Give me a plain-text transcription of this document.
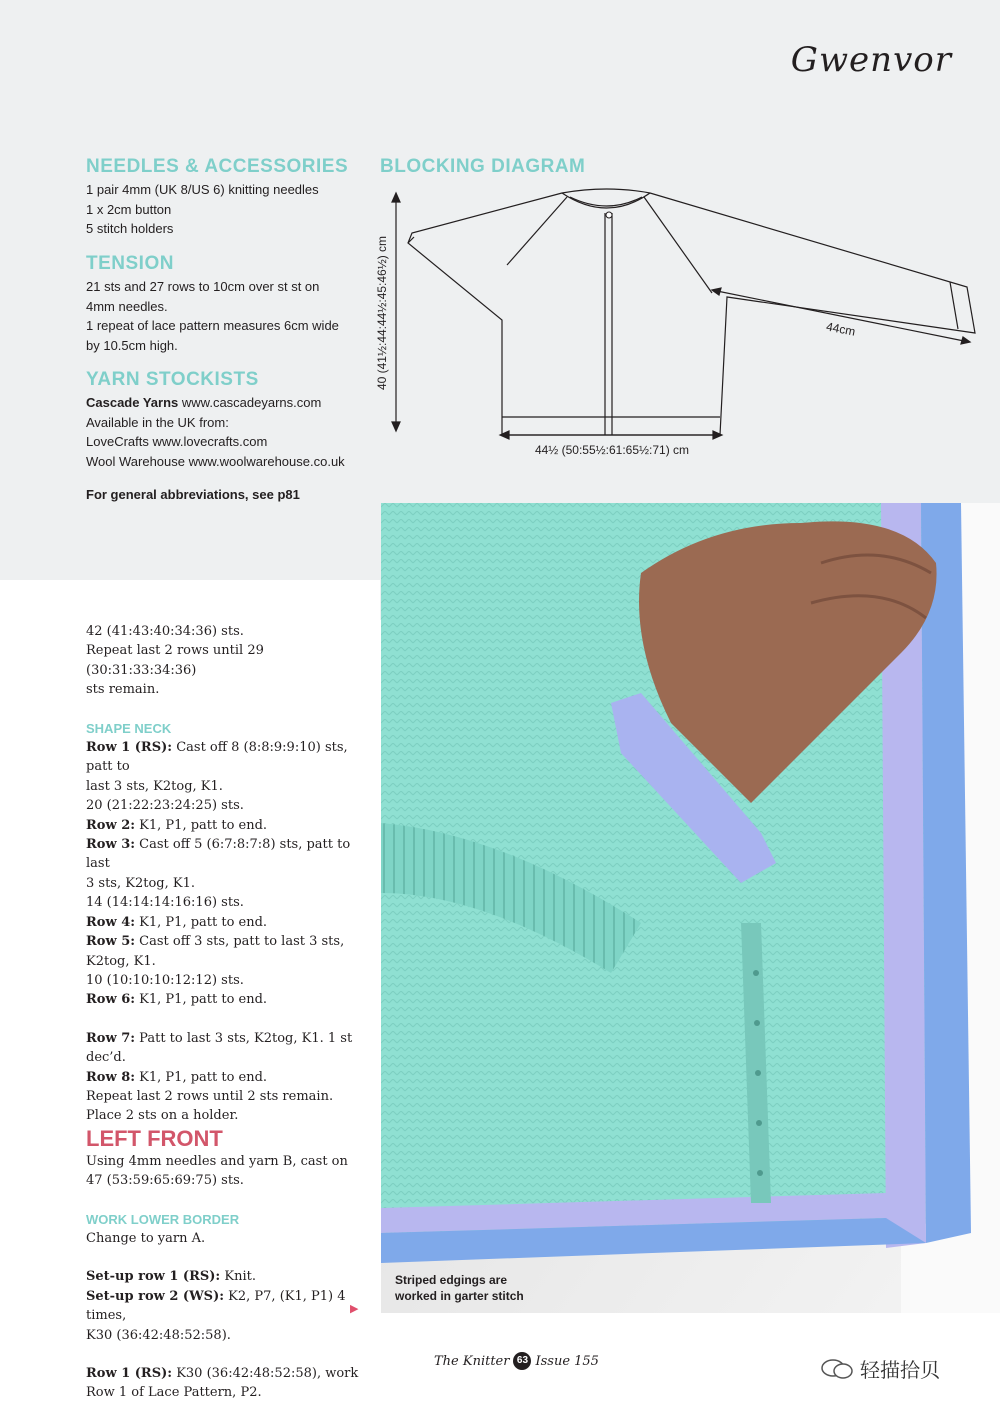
Gwenvor
NEEDLES & ACCESSORIES
1 pair 4mm (UK 8/US 6) knitting needles
1 x 2cm button
5 stitch holders
TENSION
21 sts and 27 rows to 10cm over st st on
4mm needles.
1 repeat of lace pattern measures 6cm wide
by 10.5cm high.
YARN STOCKISTS
Cascade Yarns www.cascadeyarns.com
Available in the UK from:
LoveCrafts www.lovecrafts.com
Wool Warehouse www.woolwarehouse.co.uk
For general abbreviations, see p81
BLOCKING DIAGRAM
40 (41½:44:44½:45:46½) cm	44cm
44½ (50:55½:61:65½:71) cm
Striped edgings are
worked in garter stitch

42 (41:43:40:34:36) sts.

Repeat last 2 rows until 29 (30:31:33:34:36)

sts remain.

SHAPE NECK

Row 1 (RS): Cast off 8 (8:8:9:9:10) sts, patt to

last 3 sts, K2tog, K1.

20 (21:22:23:24:25) sts.

Row 2: K1, P1, patt to end.

Row 3: Cast off 5 (6:7:8:7:8) sts, patt to last

3 sts, K2tog, K1.

14 (14:14:14:16:16) sts.

Row 4: K1, P1, patt to end.

Row 5: Cast off 3 sts, patt to last 3 sts,

K2tog, K1.

10 (10:10:10:12:12) sts.

Row 6: K1, P1, patt to end.

Row 7: Patt to last 3 sts, K2tog, K1. 1 st dec’d.

Row 8: K1, P1, patt to end.

Repeat last 2 rows until 2 sts remain.

Place 2 sts on a holder.

LEFT FRONT

Using 4mm needles and yarn B, cast on

47 (53:59:65:69:75) sts.

WORK LOWER BORDER

Change to yarn A.

Set-up row 1 (RS): Knit.

Set-up row 2 (WS): K2, P7, (K1, P1) 4 times,

K30 (36:42:48:52:58).

Row 1 (RS): K30 (36:42:48:52:58), work

Row 1 of Lace Pattern, P2.

▶
The Knitter 63 Issue 155	轻描拾贝
